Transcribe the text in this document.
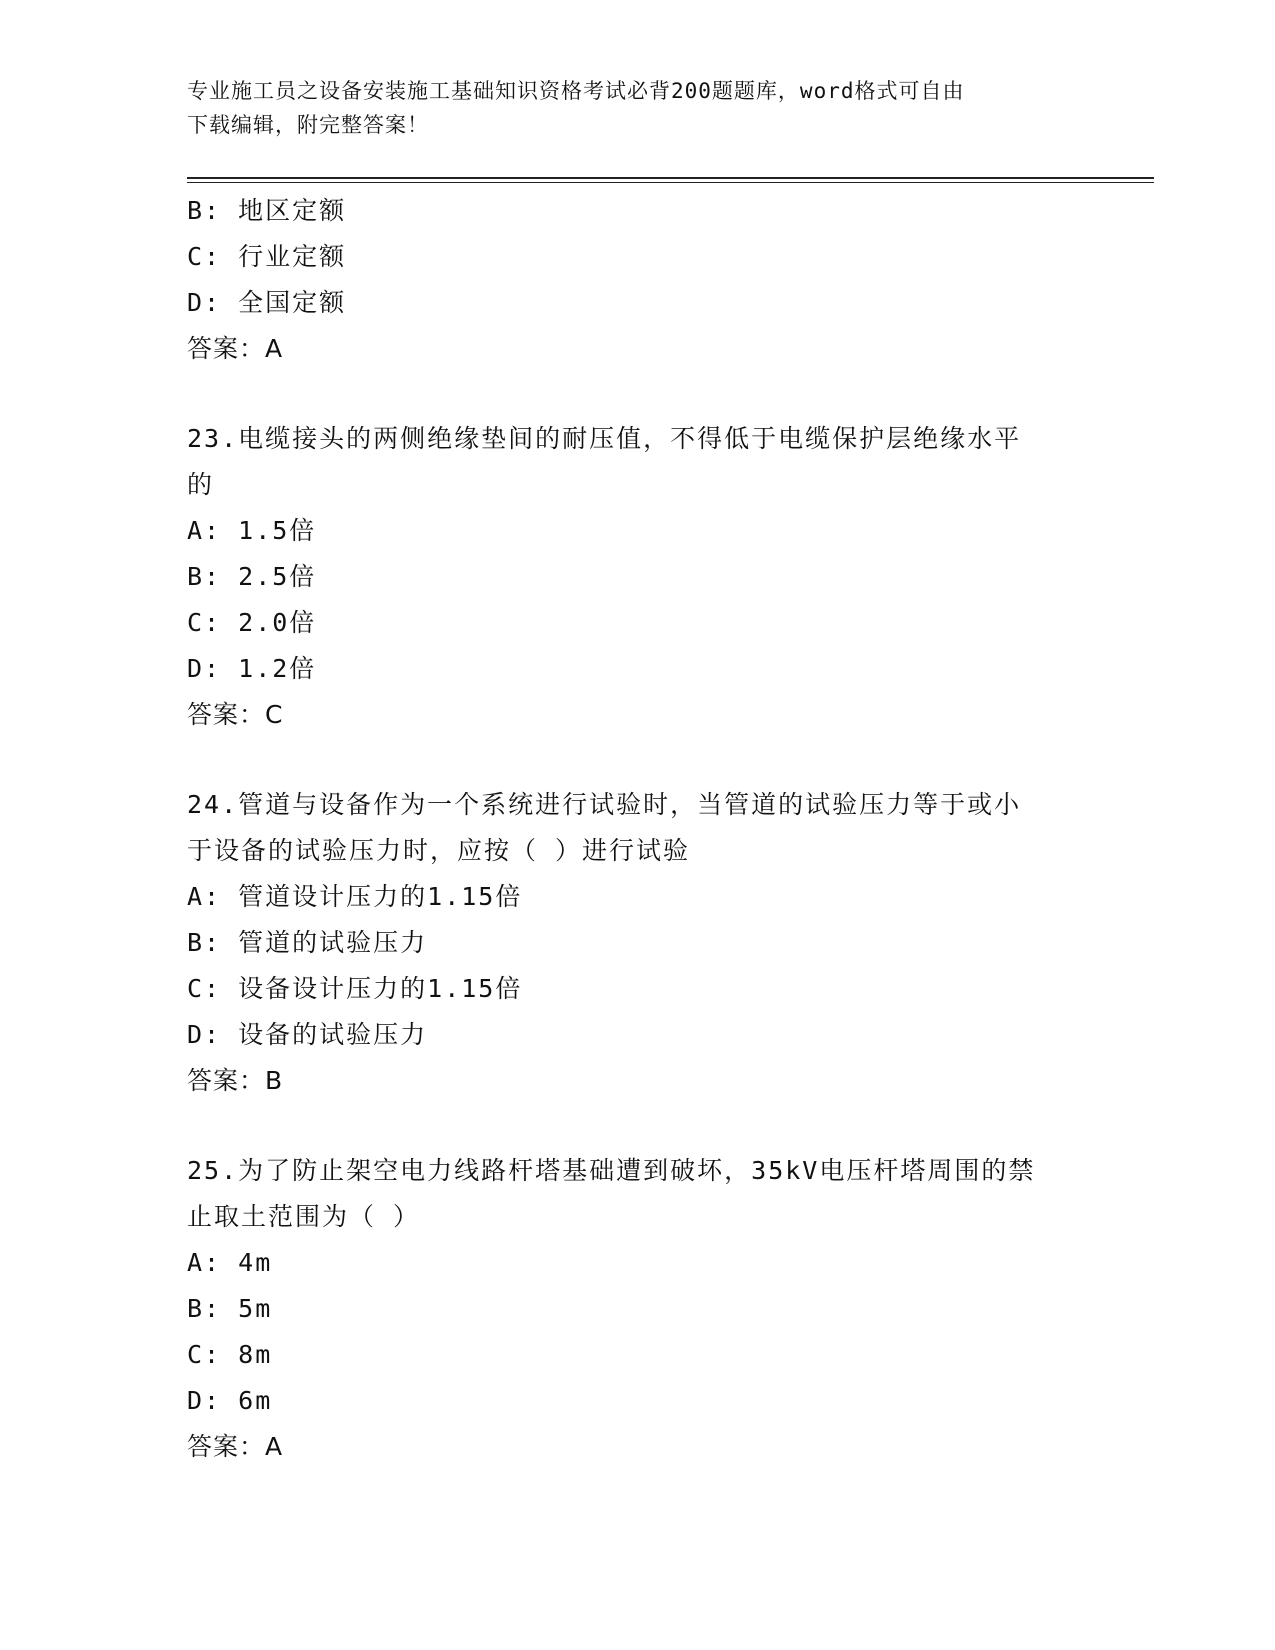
专业施工员之设备安装施工基础知识资格考试必背200题题库，word格式可自由
下载编辑，附完整答案！
B: 地区定额
C: 行业定额
D: 全国定额
答案：A
23.电缆接头的两侧绝缘垫间的耐压值，不得低于电缆保护层绝缘水平
的
A: 1.5倍
B: 2.5倍
C: 2.0倍
D: 1.2倍
答案：C
24.管道与设备作为一个系统进行试验时，当管道的试验压力等于或小
于设备的试验压力时，应按（ ）进行试验
A: 管道设计压力的1.15倍
B: 管道的试验压力
C: 设备设计压力的1.15倍
D: 设备的试验压力
答案：B
25.为了防止架空电力线路杆塔基础遭到破坏，35kV电压杆塔周围的禁
止取土范围为（ ）
A: 4m
B: 5m
C: 8m
D: 6m
答案：A
